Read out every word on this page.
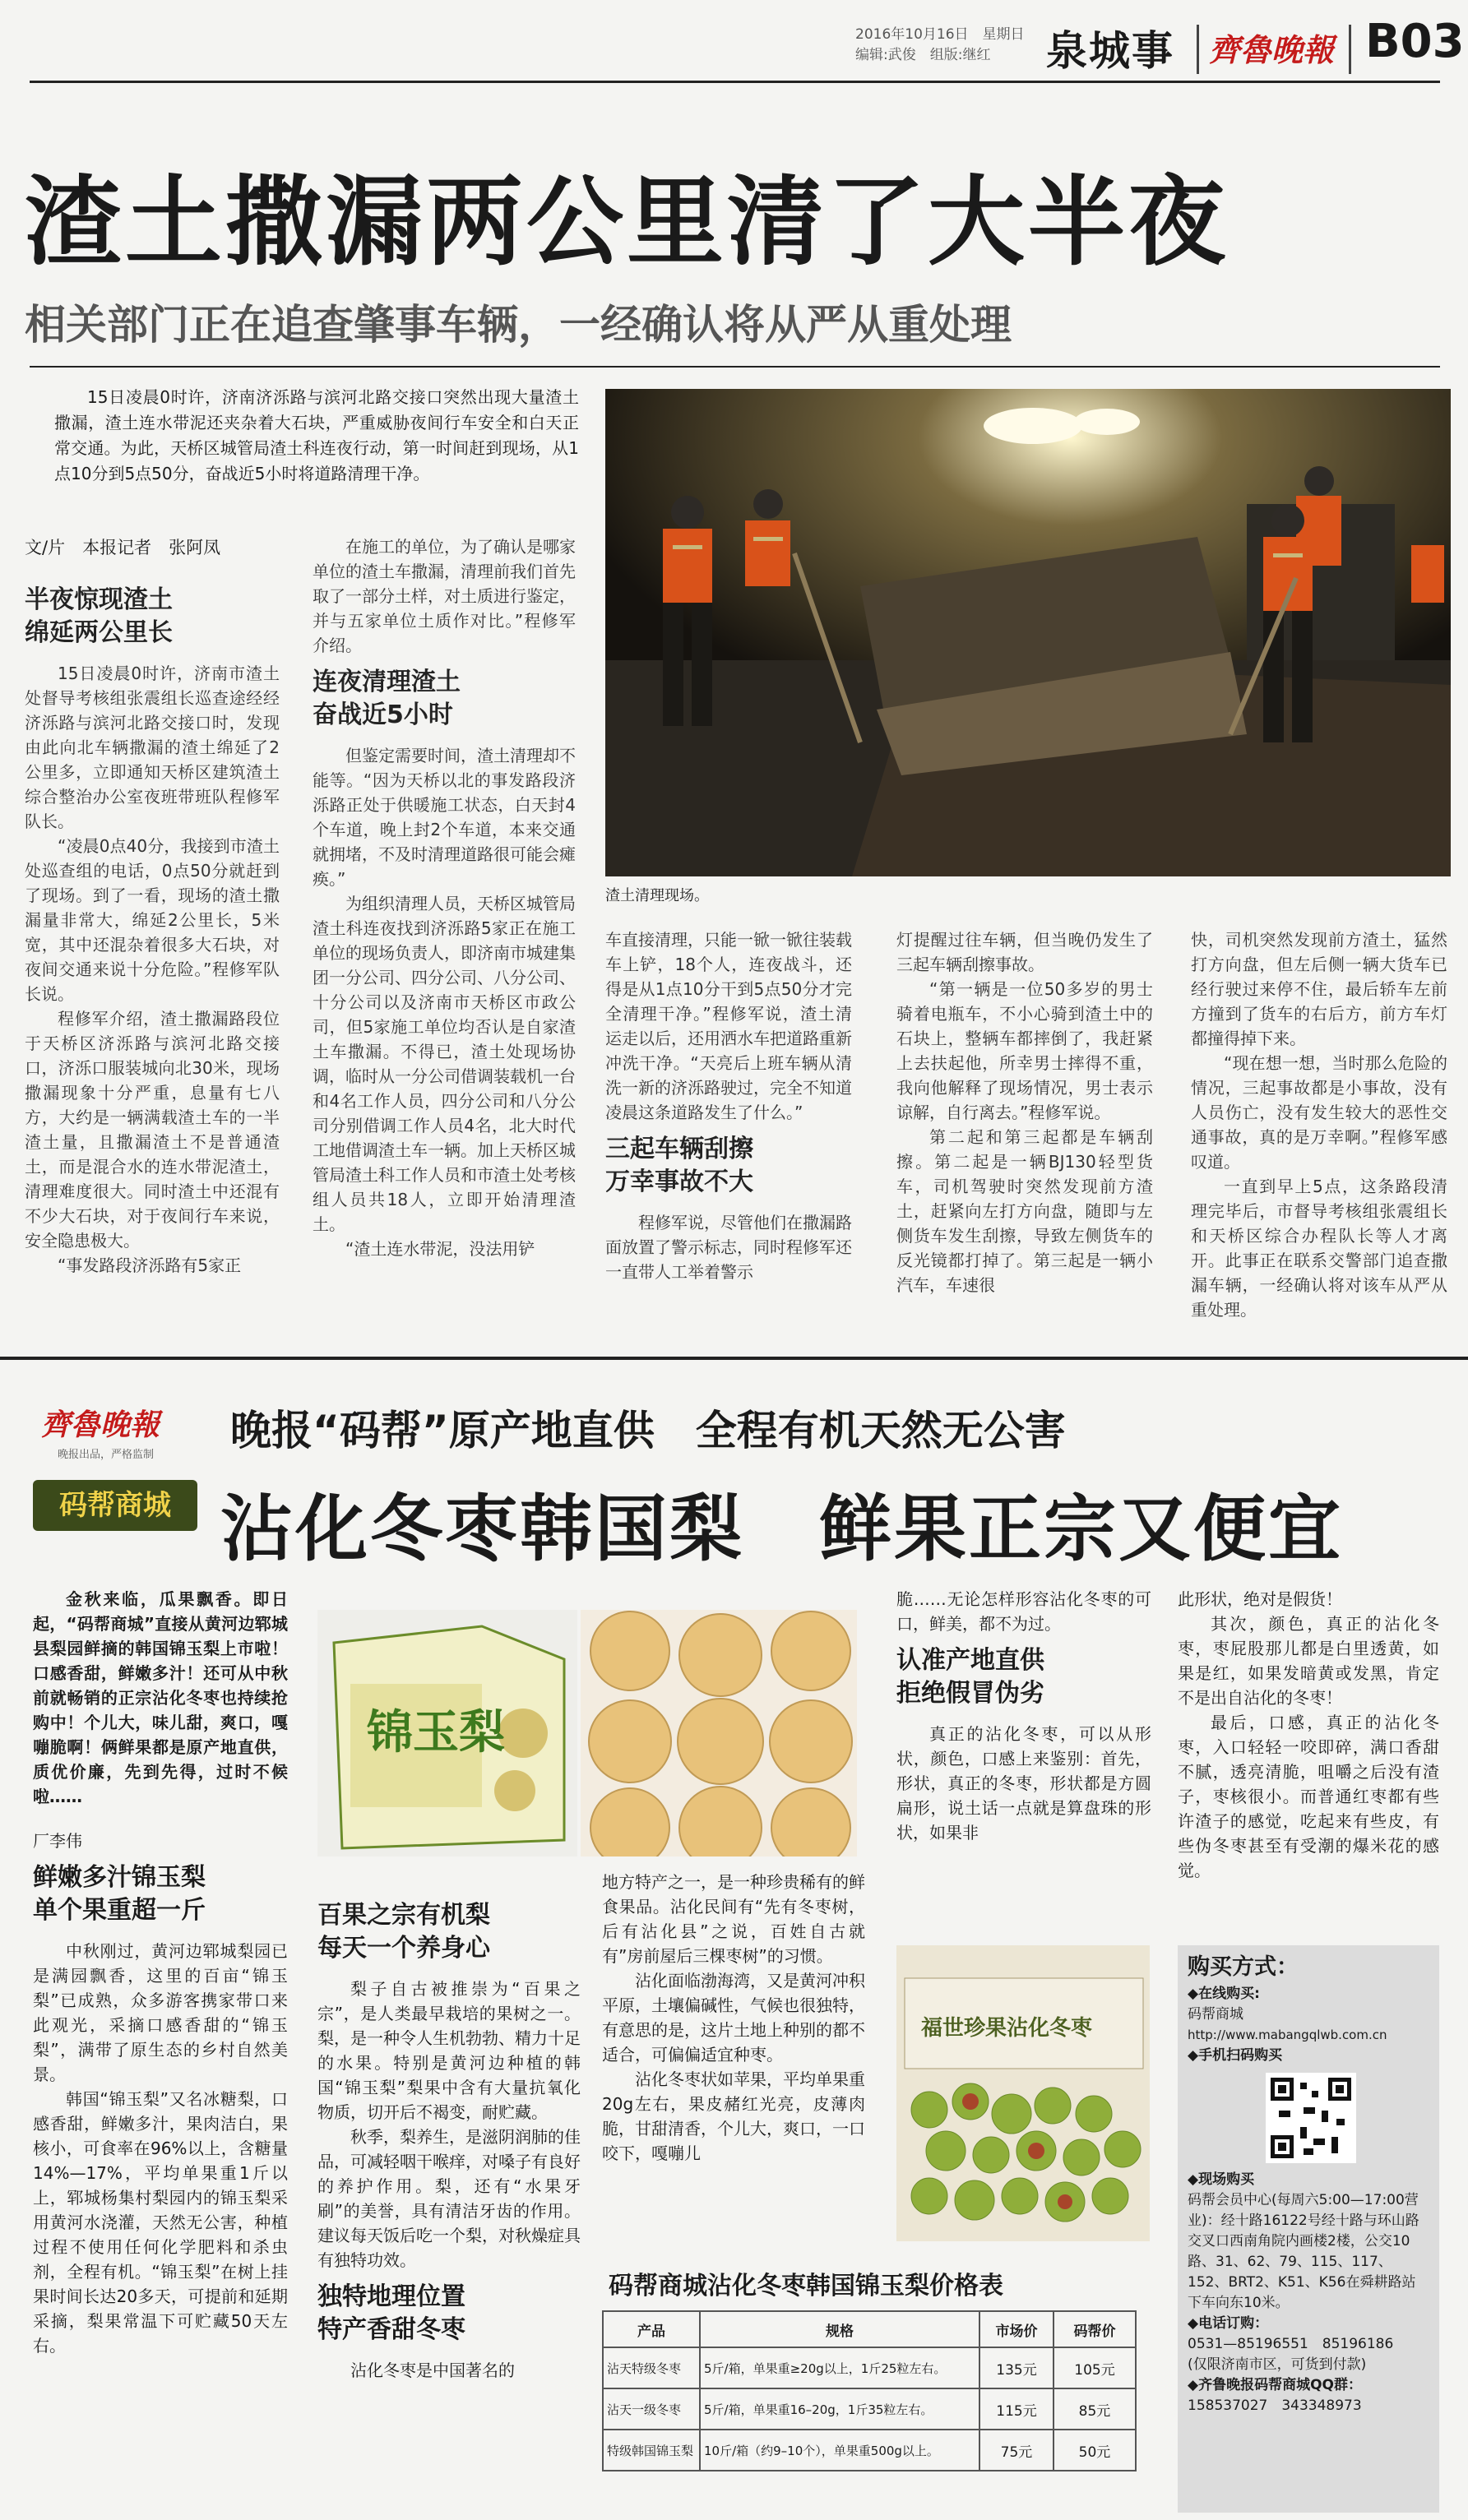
2016年10月16日　星期日
编辑:武俊　组版:继红	泉城事 齊魯晚報 B03
渣土撒漏两公里清了大半夜
相关部门正在追查肇事车辆，一经确认将从严从重处理
15日凌晨0时许，济南济泺路与滨河北路交接口突然出现大量渣土撒漏，渣土连水带泥还夹杂着大石块，严重威胁夜间行车安全和白天正常交通。为此，天桥区城管局渣土科连夜行动，第一时间赶到现场，从1点10分到5点50分，奋战近5小时将道路清理干净。
文/片　本报记者　张阿凤
半夜惊现渣土
绵延两公里长

15日凌晨0时许，济南市渣土处督导考核组张震组长巡查途经经济泺路与滨河北路交接口时，发现由此向北车辆撒漏的渣土绵延了2公里多，立即通知天桥区建筑渣土综合整治办公室夜班带班队程修军队长。

“凌晨0点40分，我接到市渣土处巡查组的电话，0点50分就赶到了现场。到了一看，现场的渣土撒漏量非常大，绵延2公里长，5米宽，其中还混杂着很多大石块，对夜间交通来说十分危险。”程修军队长说。

程修军介绍，渣土撒漏路段位于天桥区济泺路与滨河北路交接口，济泺口服装城向北30米，现场撒漏现象十分严重，息量有七八方，大约是一辆满载渣土车的一半渣土量，且撒漏渣土不是普通渣土，而是混合水的连水带泥渣土，清理难度很大。同时渣土中还混有不少大石块，对于夜间行车来说，安全隐患极大。

“事发路段济泺路有5家正

在施工的单位，为了确认是哪家单位的渣土车撒漏，清理前我们首先取了一部分土样，对土质进行鉴定，并与五家单位土质作对比。”程修军介绍。

连夜清理渣土
奋战近5小时

但鉴定需要时间，渣土清理却不能等。“因为天桥以北的事发路段济泺路正处于供暖施工状态，白天封4个车道，晚上封2个车道，本来交通就拥堵，不及时清理道路很可能会瘫痪。”

为组织清理人员，天桥区城管局渣土科连夜找到济泺路5家正在施工单位的现场负责人，即济南市城建集团一分公司、四分公司、八分公司、十分公司以及济南市天桥区市政公司，但5家施工单位均否认是自家渣土车撒漏。不得已，渣土处现场协调，临时从一分公司借调装载机一台和4名工作人员，四分公司和八分公司分别借调工作人员4名，北大时代工地借调渣土车一辆。加上天桥区城管局渣土科工作人员和市渣土处考核组人员共18人，立即开始清理渣土。

“渣土连水带泥，没法用铲

渣土清理现场。

车直接清理，只能一锨一锨往装载车上铲，18个人，连夜战斗，还得是从1点10分干到5点50分才完全清理干净。”程修军说，渣土清运走以后，还用洒水车把道路重新冲洗干净。“天亮后上班车辆从清洗一新的济泺路驶过，完全不知道凌晨这条道路发生了什么。”

三起车辆刮擦
万幸事故不大

程修军说，尽管他们在撒漏路面放置了警示标志，同时程修军还一直带人工举着警示

灯提醒过往车辆，但当晚仍发生了三起车辆刮擦事故。

“第一辆是一位50多岁的男士骑着电瓶车，不小心骑到渣土中的石块上，整辆车都摔倒了，我赶紧上去扶起他，所幸男士摔得不重，我向他解释了现场情况，男士表示谅解，自行离去。”程修军说。

第二起和第三起都是车辆刮擦。第二起是一辆BJ130轻型货车，司机驾驶时突然发现前方渣土，赶紧向左打方向盘，随即与左侧货车发生刮擦，导致左侧货车的反光镜都打掉了。第三起是一辆小汽车，车速很

快，司机突然发现前方渣土，猛然打方向盘，但左后侧一辆大货车已经行驶过来停不住，最后轿车左前方撞到了货车的右后方，前方车灯都撞得掉下来。

“现在想一想，当时那么危险的情况，三起事故都是小事故，没有人员伤亡，没有发生较大的恶性交通事故，真的是万幸啊。”程修军感叹道。

一直到早上5点，这条路段清理完毕后，市督导考核组张震组长和天桥区综合办程队长等人才离开。此事正在联系交警部门追查撒漏车辆，一经确认将对该车从严从重处理。

齊魯晚報
晚报出品，严格监制
码帮商城
晚报“码帮”原产地直供　全程有机天然无公害
沾化冬枣韩国梨　鲜果正宗又便宜

金秋来临，瓜果飘香。即日起，“码帮商城”直接从黄河边郓城县梨园鲜摘的韩国锦玉梨上市啦！口感香甜，鲜嫩多汁！还可从中秋前就畅销的正宗沾化冬枣也持续抢购中！个儿大，味儿甜，爽口，嘎嘣脆啊！俩鲜果都是原产地直供，质优价廉，先到先得，过时不候啦……

厂李伟

鲜嫩多汁锦玉梨
单个果重超一斤

中秋刚过，黄河边郓城梨园已是满园飘香，这里的百亩“锦玉梨”已成熟，众多游客携家带口来此观光，采摘口感香甜的“锦玉梨”，满带了原生态的乡村自然美景。

韩国“锦玉梨”又名冰糖梨，口感香甜，鲜嫩多汁，果肉洁白，果核小，可食率在96%以上，含糖量14%—17%，平均单果重1斤以上，郓城杨集村梨园内的锦玉梨采用黄河水浇灌，天然无公害，种植过程不使用任何化学肥料和杀虫剂，全程有机。“锦玉梨”在树上挂果时间长达20多天，可提前和延期采摘，梨果常温下可贮藏50天左右。

锦玉梨
百果之宗有机梨
每天一个养身心

梨子自古被推崇为“百果之宗”，是人类最早栽培的果树之一。梨，是一种令人生机勃勃、精力十足的水果。特别是黄河边种植的韩国“锦玉梨”梨果中含有大量抗氧化物质，切开后不褐变，耐贮藏。

秋季，梨养生，是滋阴润肺的佳品，可减轻咽干喉痒，对嗓子有良好的养护作用。梨，还有“水果牙刷”的美誉，具有清洁牙齿的作用。建议每天饭后吃一个梨，对秋燥症具有独特功效。

独特地理位置
特产香甜冬枣

沾化冬枣是中国著名的

地方特产之一，是一种珍贵稀有的鲜食果品。沾化民间有“先有冬枣树，后有沾化县”之说，百姓自古就有”房前屋后三棵枣树”的习惯。

沾化面临渤海湾，又是黄河冲积平原，土壤偏碱性，气候也很独特，有意思的是，这片土地上种别的都不适合，可偏偏适宜种枣。

沾化冬枣状如苹果，平均单果重20g左右，果皮赭红光亮，皮薄肉脆，甘甜清香，个儿大，爽口，一口咬下，嘎嘣儿

脆……无论怎样形容沾化冬枣的可口，鲜美，都不为过。

认准产地直供
拒绝假冒伪劣

真正的沾化冬枣，可以从形状，颜色，口感上来鉴别：首先，形状，真正的冬枣，形状都是方圆扁形，说土话一点就是算盘珠的形状，如果非

福世珍果沾化冬枣

此形状，绝对是假货！

其次，颜色，真正的沾化冬枣，枣屁股那儿都是白里透黄，如果是红，如果发暗黄或发黑，肯定不是出自沾化的冬枣！

最后，口感，真正的沾化冬枣，入口轻轻一咬即碎，满口香甜不腻，透亮清脆，咀嚼之后没有渣子，枣核很小。而普通红枣都有些许渣子的感觉，吃起来有些皮，有些伪冬枣甚至有受潮的爆米花的感觉。

码帮商城沾化冬枣韩国锦玉梨价格表
产品	规格	市场价	码帮价
沾天特级冬枣	5斤/箱，单果重≥20g以上，1斤25粒左右。	135元	105元
沾天一级冬枣	5斤/箱，单果重16–20g，1斤35粒左右。	115元	85元
特级韩国锦玉梨	10斤/箱（约9–10个），单果重500g以上。	75元	50元
购买方式：
◆在线购买:
码帮商城
http://www.mabangqlwb.com.cn
◆手机扫码购买
◆现场购买
码帮会员中心(每周六5:00—17:00营业)：经十路16122号经十路与环山路交叉口西南角院内画楼2楼，公交10路、31、62、79、115、117、152、BRT2、K51、K56在舜耕路站下车向东10米。
◆电话订购：
0531—85196551　85196186
(仅限济南市区，可货到付款)
◆齐鲁晚报码帮商城QQ群：
158537027　343348973
